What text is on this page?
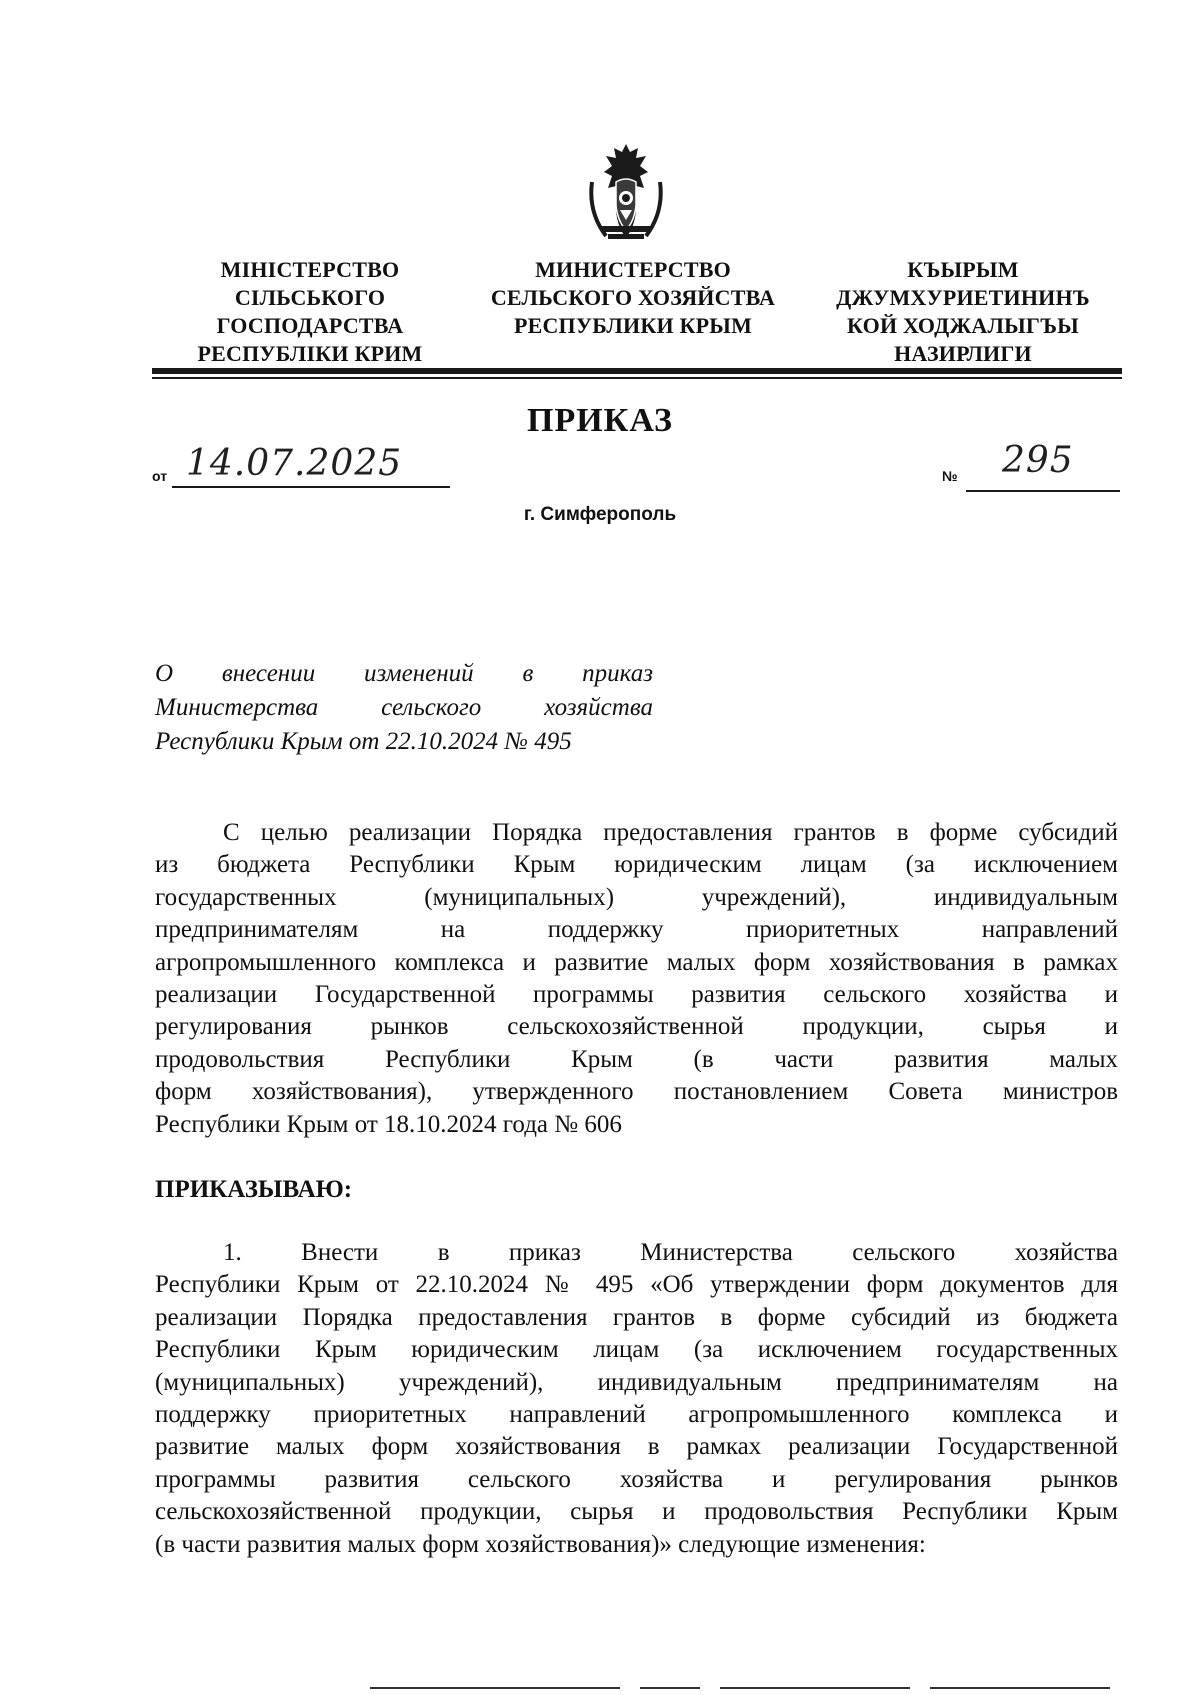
МІНІСТЕРСТВО
СІЛЬСЬКОГО
ГОСПОДАРСТВА
РЕСПУБЛІКИ КРИМ
МИНИСТЕРСТВО
СЕЛЬСКОГО ХОЗЯЙСТВА
РЕСПУБЛИКИ КРЫМ
КЪЫРЫМ
ДЖУМХУРИЕТИНИНЪ
КОЙ ХОДЖАЛЫГЪЫ
НАЗИРЛИГИ
ПРИКАЗ
от 14.07.2025	№ 295
г. Симферополь
О внесении изменений в приказ
Министерства сельского хозяйства
Республики Крым от 22.10.2024 № 495
С целью реализации Порядка предоставления грантов в форме субсидий
из бюджета Республики Крым юридическим лицам (за исключением
государственных (муниципальных) учреждений), индивидуальным
предпринимателям на поддержку приоритетных направлений
агропромышленного комплекса и развитие малых форм хозяйствования в рамках
реализации Государственной программы развития сельского хозяйства и
регулирования рынков сельскохозяйственной продукции, сырья и
продовольствия Республики Крым (в части развития малых
форм хозяйствования), утвержденного постановлением Совета министров
Республики Крым от 18.10.2024 года № 606
ПРИКАЗЫВАЮ:
1. Внести в приказ Министерства сельского хозяйства
Республики Крым от 22.10.2024 № 495 «Об утверждении форм документов для
реализации Порядка предоставления грантов в форме субсидий из бюджета
Республики Крым юридическим лицам (за исключением государственных
(муниципальных) учреждений), индивидуальным предпринимателям на
поддержку приоритетных направлений агропромышленного комплекса и
развитие малых форм хозяйствования в рамках реализации Государственной
программы развития сельского хозяйства и регулирования рынков
сельскохозяйственной продукции, сырья и продовольствия Республики Крым
(в части развития малых форм хозяйствования)» следующие изменения:
